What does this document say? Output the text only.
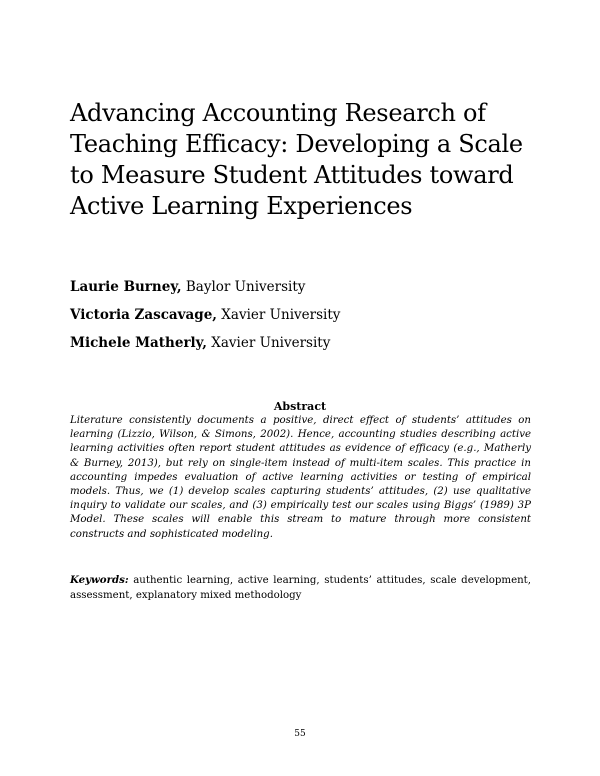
Advancing Accounting Research of Teaching Efficacy: Developing a Scale to Measure Student Attitudes toward Active Learning Experiences
Laurie Burney, Baylor University
Victoria Zascavage, Xavier University
Michele Matherly, Xavier University
Abstract
Literature consistently documents a positive, direct effect of students’ attitudes on learning (Lizzio, Wilson, & Simons, 2002). Hence, accounting studies describing active learning activities often report student attitudes as evidence of efficacy (e.g., Matherly & Burney, 2013), but rely on single-item instead of multi-item scales. This practice in accounting impedes evaluation of active learning activities or testing of empirical models. Thus, we (1) develop scales capturing students’ attitudes, (2) use qualitative inquiry to validate our scales, and (3) empirically test our scales using Biggs’ (1989) 3P Model. These scales will enable this stream to mature through more consistent constructs and sophisticated modeling.
Keywords: authentic learning, active learning, students’ attitudes, scale development, assessment, explanatory mixed methodology
55
